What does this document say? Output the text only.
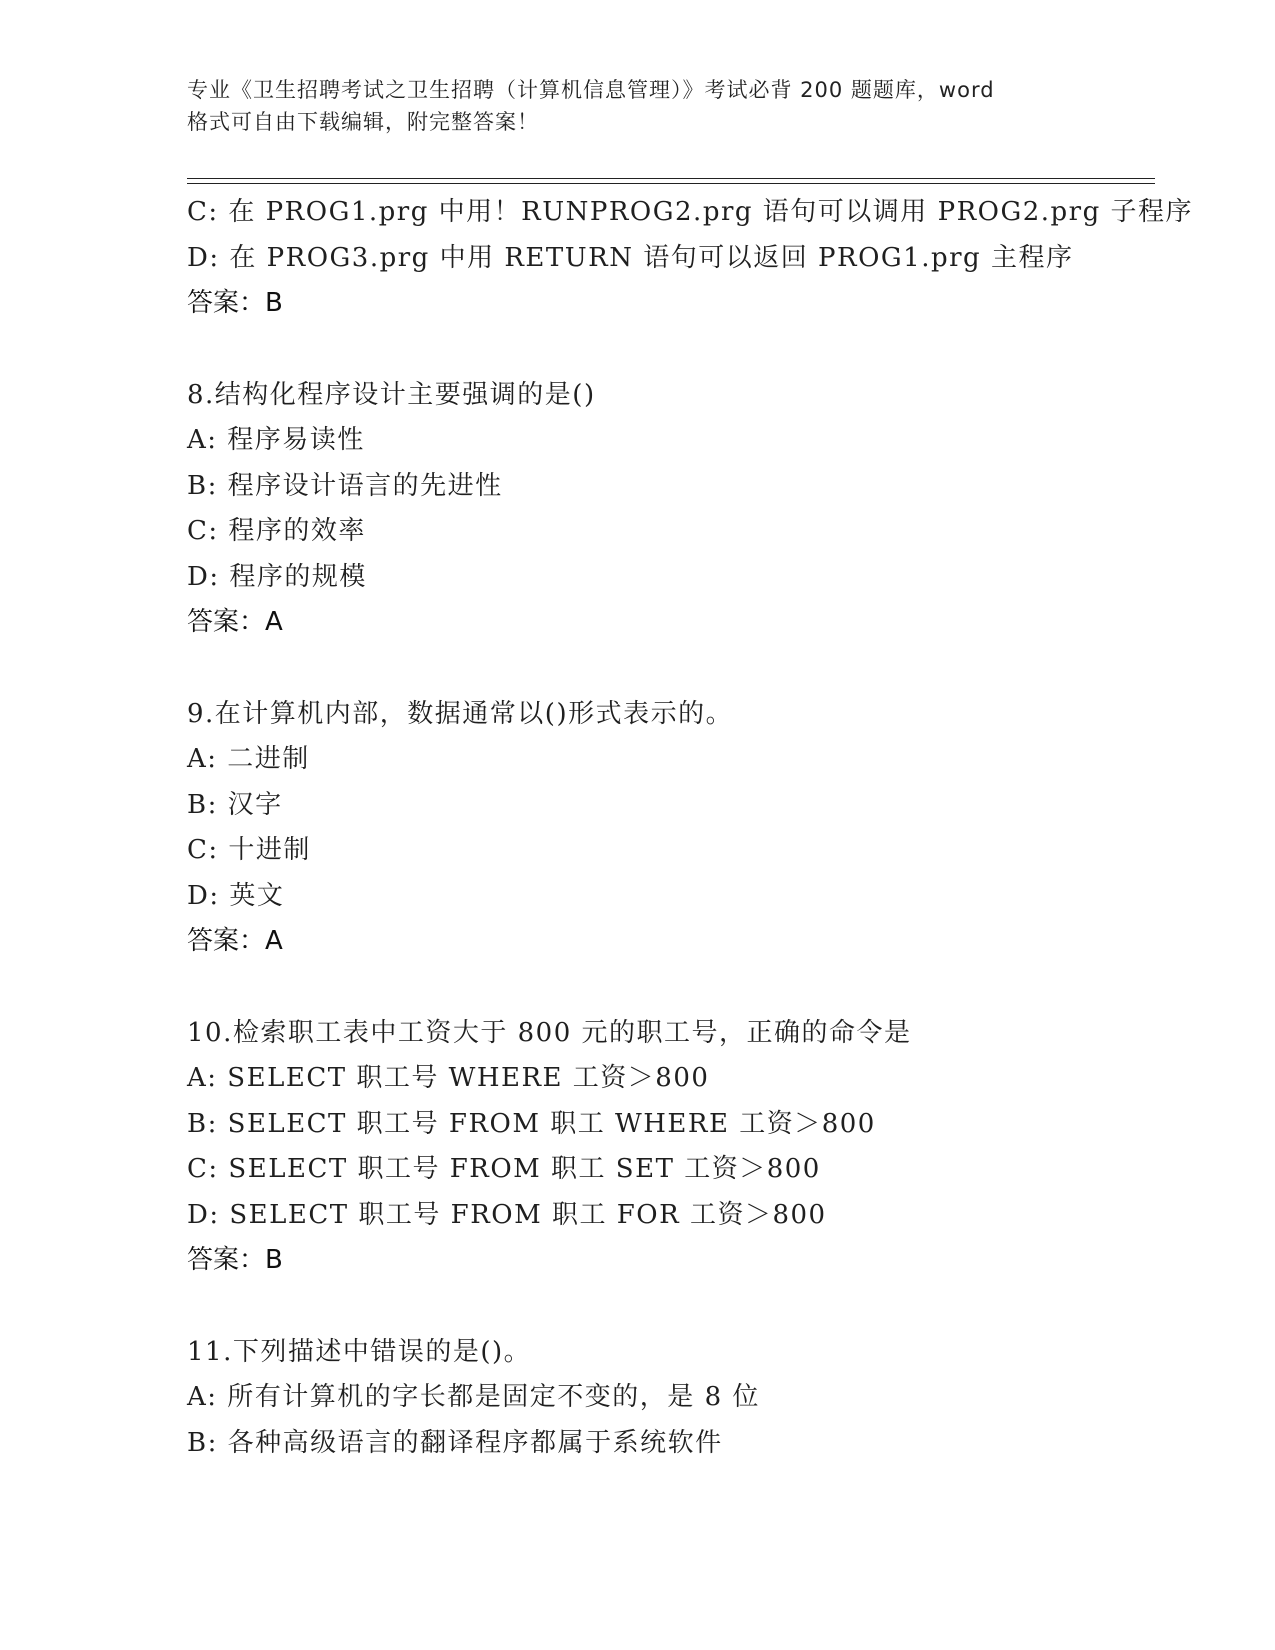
专业《卫生招聘考试之卫生招聘（计算机信息管理）》考试必背 200 题题库，word
格式可自由下载编辑，附完整答案！
C: 在 PROG1.prg 中用！RUNPROG2.prg 语句可以调用 PROG2.prg 子程序
D: 在 PROG3.prg 中用 RETURN 语句可以返回 PROG1.prg 主程序
答案：B
8.结构化程序设计主要强调的是()
A: 程序易读性
B: 程序设计语言的先进性
C: 程序的效率
D: 程序的规模
答案：A
9.在计算机内部，数据通常以()形式表示的。
A: 二进制
B: 汉字
C: 十进制
D: 英文
答案：A
10.检索职工表中工资大于 800 元的职工号，正确的命令是
A: SELECT 职工号 WHERE 工资＞800
B: SELECT 职工号 FROM 职工 WHERE 工资＞800
C: SELECT 职工号 FROM 职工 SET 工资＞800
D: SELECT 职工号 FROM 职工 FOR 工资＞800
答案：B
11.下列描述中错误的是()。
A: 所有计算机的字长都是固定不变的，是 8 位
B: 各种高级语言的翻译程序都属于系统软件
